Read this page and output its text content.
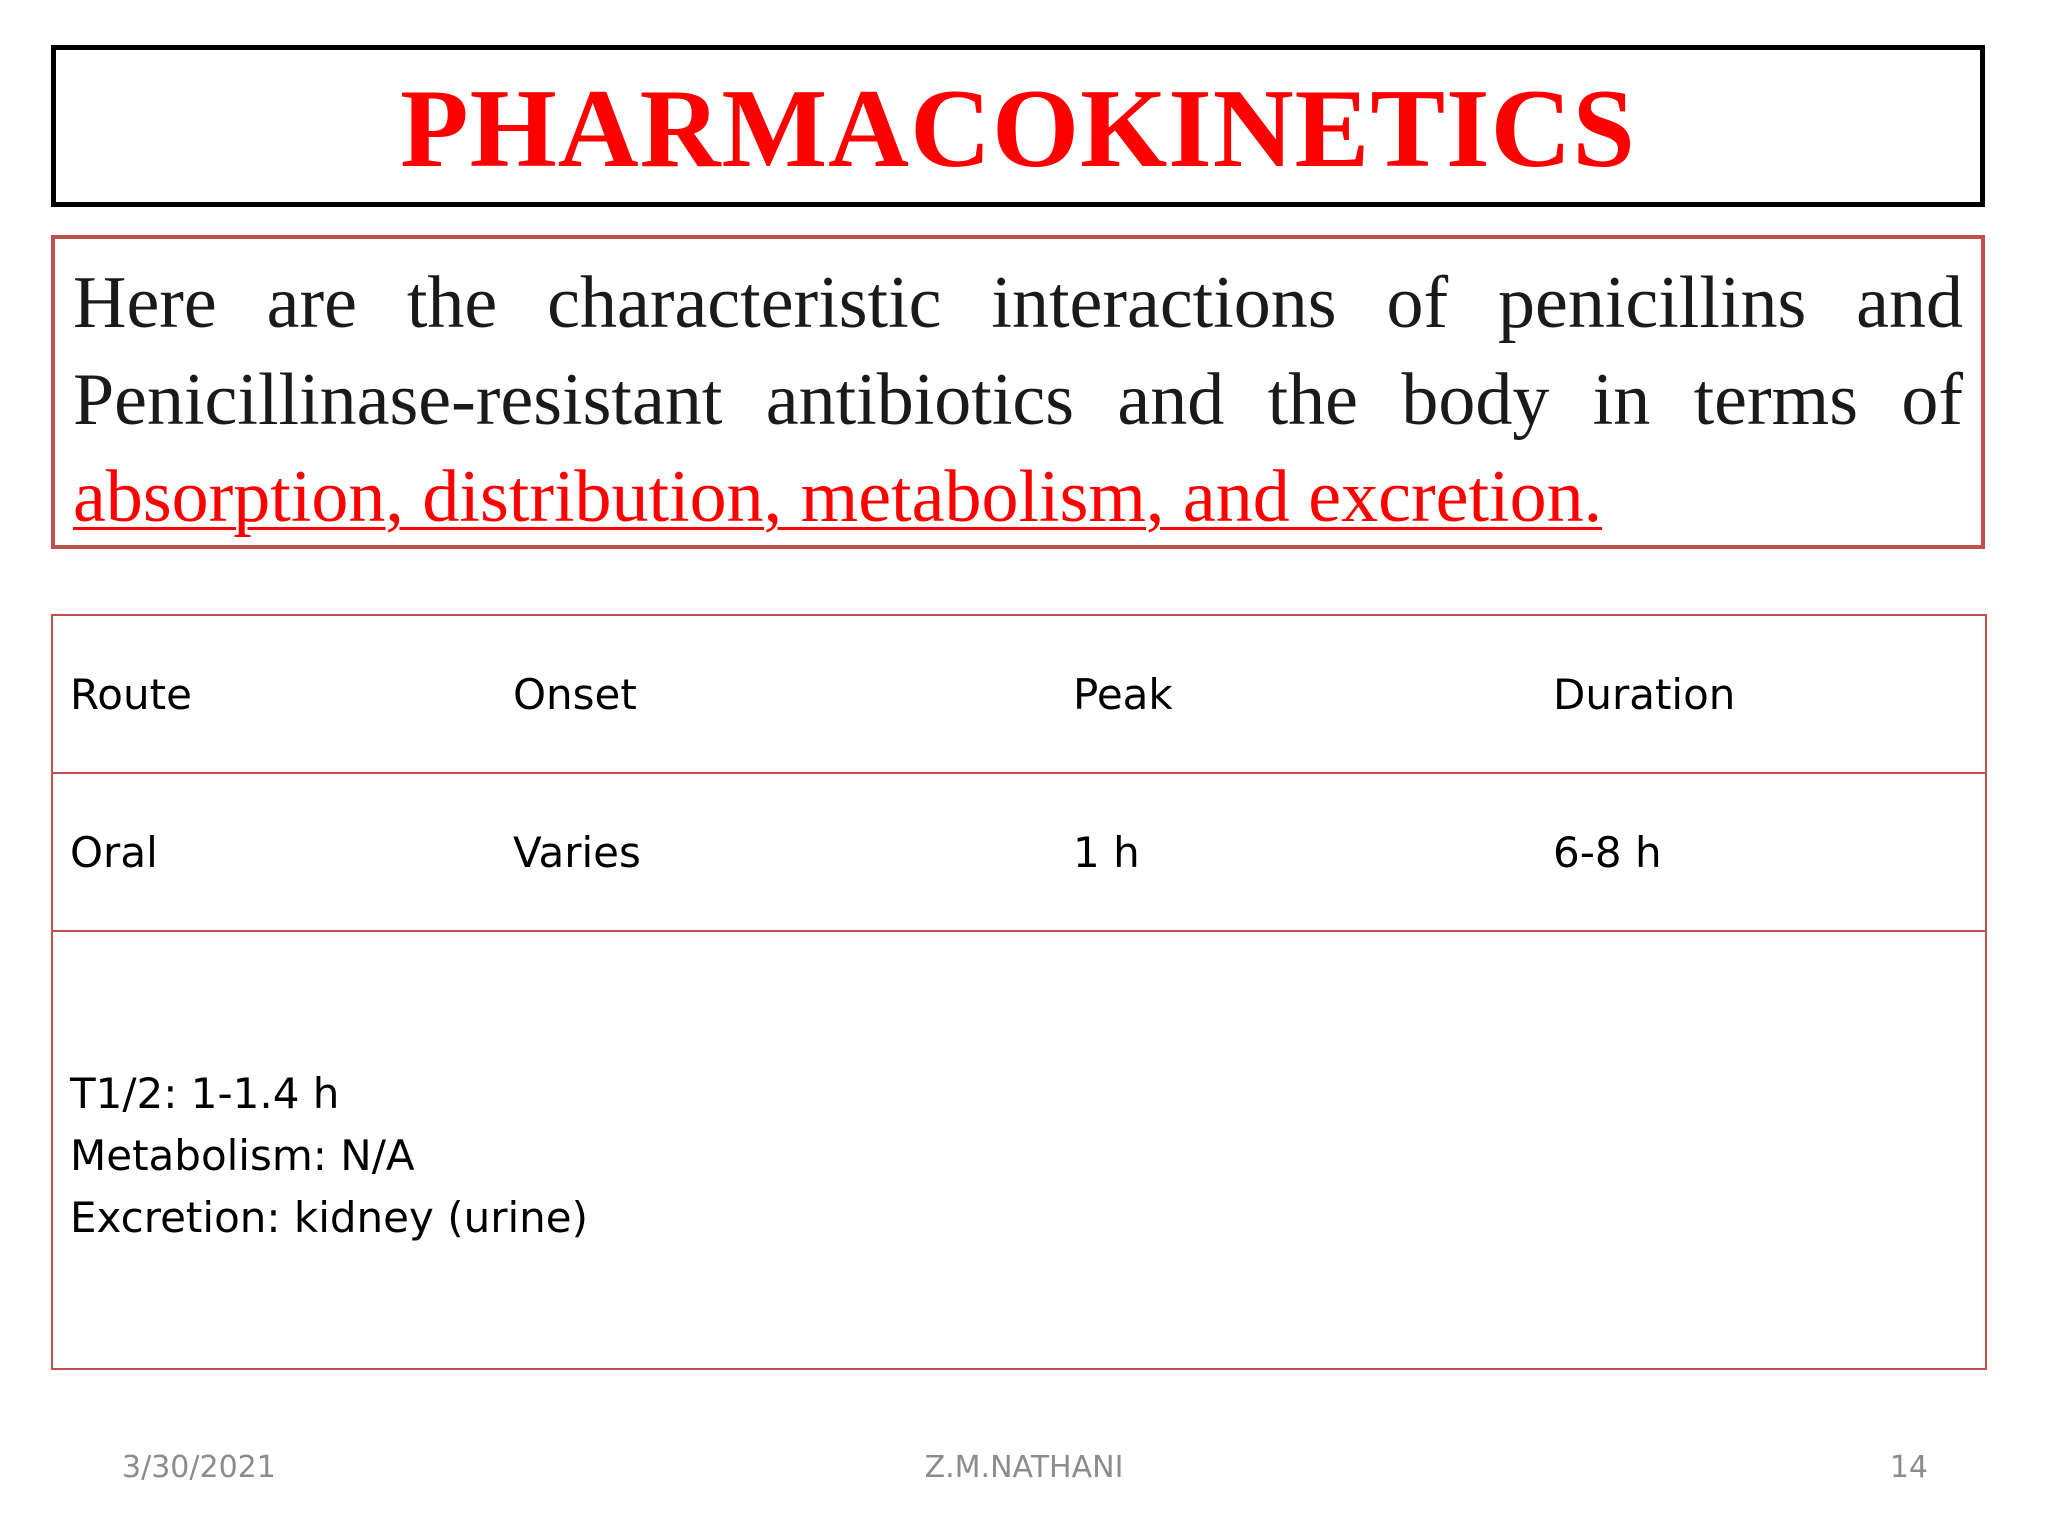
PHARMACOKINETICS

Here are the characteristic interactions of penicillins and Penicillinase-resistant antibiotics and the body in terms of absorption, distribution, metabolism, and excretion.

Route	Onset	Peak	Duration
Oral	Varies	1 h	6-8 h

T1/2: 1-1.4 h
Metabolism: N/A
Excretion: kidney (urine)			
3/30/2021	Z.M.NATHANI	14
